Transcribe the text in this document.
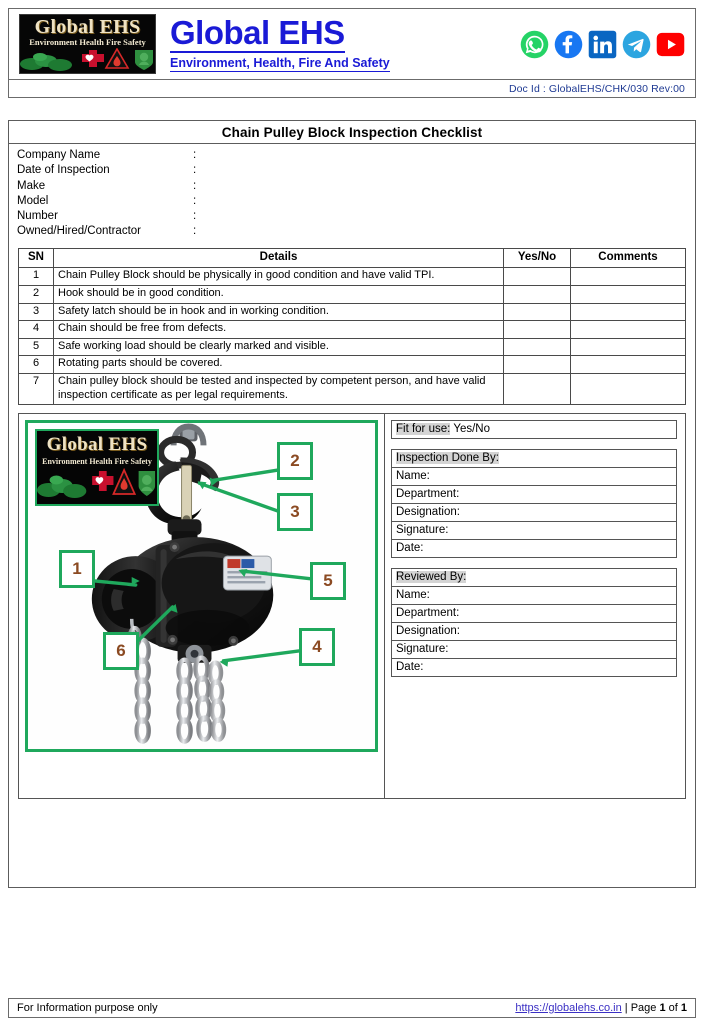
Global EHS
Environment Health Fire Safety Global EHS
Environment, Health, Fire And Safety
Doc Id : GlobalEHS/CHK/030 Rev:00
Chain Pulley Block Inspection Checklist
Company Name	:
Date of Inspection	:
Make	:
Model	:
Number	:
Owned/Hired/Contractor	:
SN	Details	Yes/No	Comments
1	Chain Pulley Block should be physically in good condition and have valid TPI.		
2	Hook should be in good condition.		
3	Safety latch should be in hook and in working condition.		
4	Chain should be free from defects.		
5	Safe working load should be clearly marked and visible.		
6	Rotating parts should be covered.		
7	Chain pulley block should be tested and inspected by competent person, and have valid inspection certificate as per legal requirements.		
1
2
3
4
5
6
Global EHS
Environment Health Fire Safety
Fit for use: Yes/No
Inspection Done By:
Name:
Department:
Designation:
Signature:
Date:
Reviewed By:
Name:
Department:
Designation:
Signature:
Date:
For Information purpose only	https://globalehs.co.in | Page 1 of 1
